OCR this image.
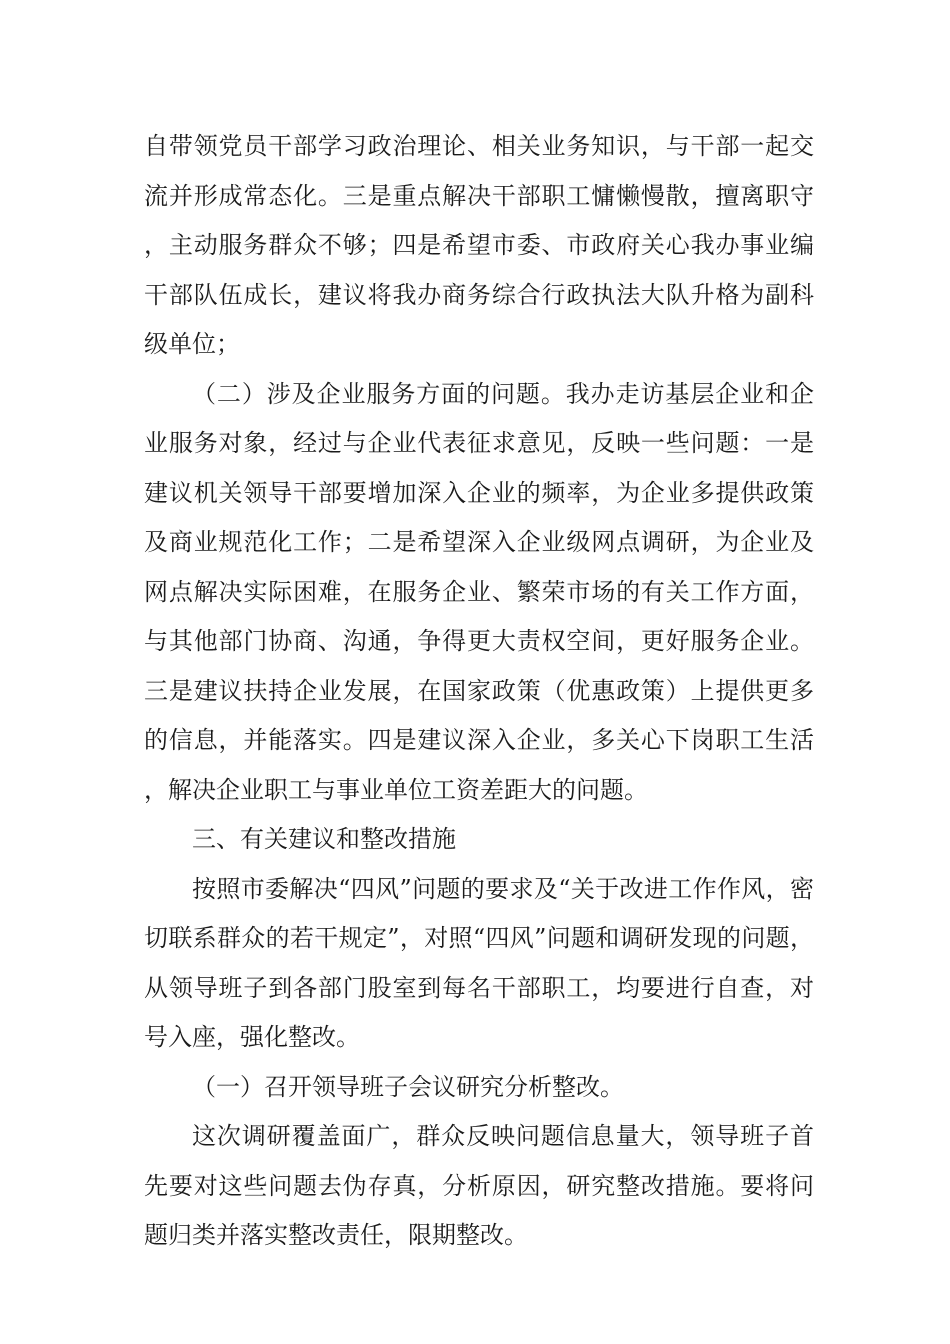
自带领党员干部学习政治理论、相关业务知识，与干部一起交流并形成常态化。三是重点解决干部职工慵懒慢散，擅离职守，主动服务群众不够；四是希望市委、市政府关心我办事业编干部队伍成长，建议将我办商务综合行政执法大队升格为副科级单位；

（二）涉及企业服务方面的问题。我办走访基层企业和企业服务对象，经过与企业代表征求意见，反映一些问题：一是建议机关领导干部要增加深入企业的频率，为企业多提供政策及商业规范化工作；二是希望深入企业级网点调研，为企业及网点解决实际困难，在服务企业、繁荣市场的有关工作方面，与其他部门协商、沟通，争得更大责权空间，更好服务企业。三是建议扶持企业发展，在国家政策（优惠政策）上提供更多的信息，并能落实。四是建议深入企业，多关心下岗职工生活，解决企业职工与事业单位工资差距大的问题。

三、有关建议和整改措施

按照市委解决“四风”问题的要求及“关于改进工作作风，密切联系群众的若干规定”，对照“四风”问题和调研发现的问题，从领导班子到各部门股室到每名干部职工，均要进行自查，对号入座，强化整改。

（一）召开领导班子会议研究分析整改。

这次调研覆盖面广，群众反映问题信息量大，领导班子首先要对这些问题去伪存真，分析原因，研究整改措施。要将问题归类并落实整改责任，限期整改。
